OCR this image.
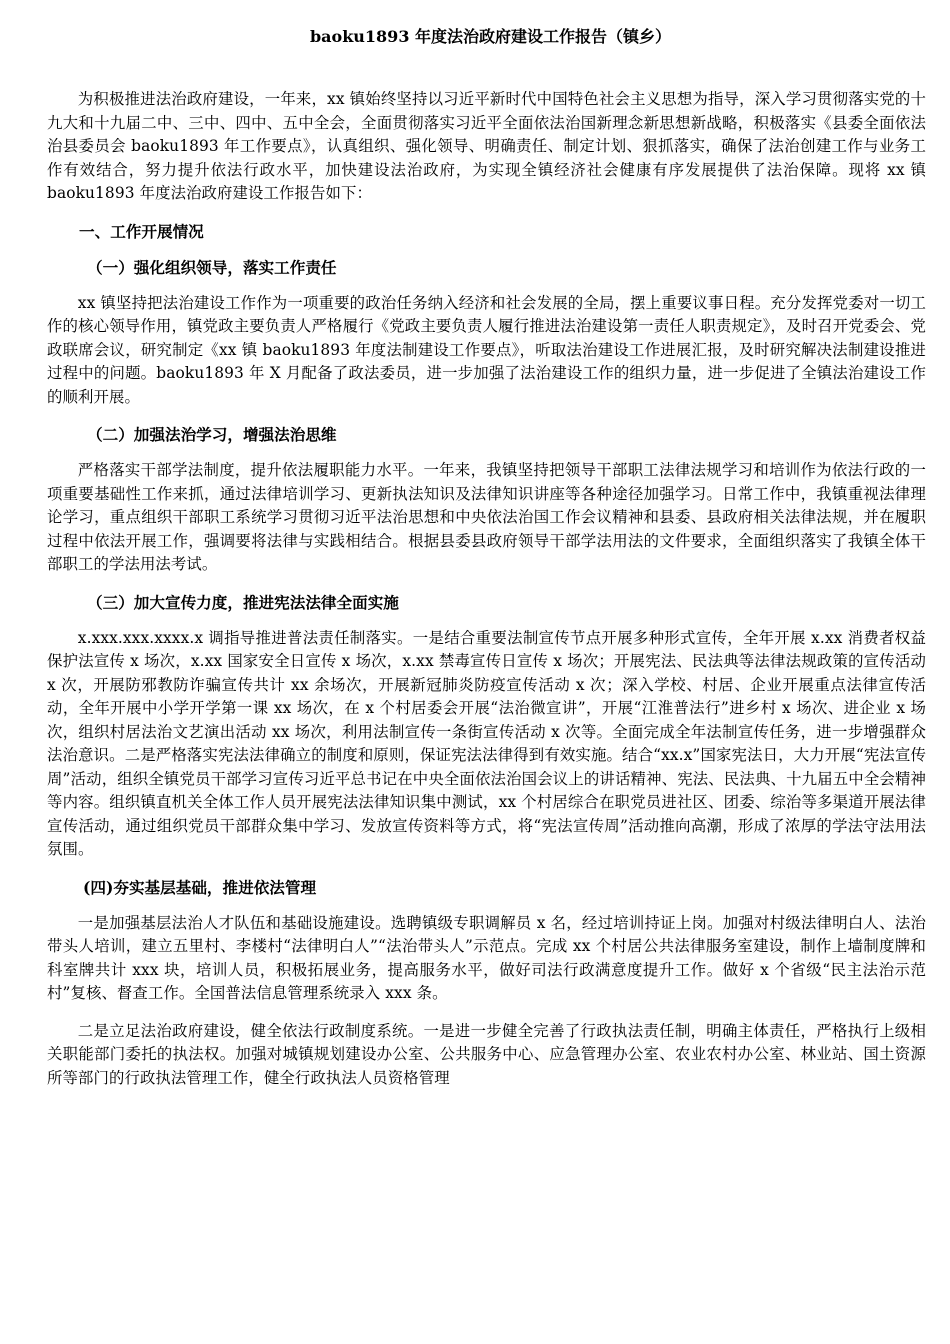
baoku1893 年度法治政府建设工作报告（镇乡）

为积极推进法治政府建设，一年来，xx 镇始终坚持以习近平新时代中国特色社会主义思想为指导，深入学习贯彻落实党的十九大和十九届二中、三中、四中、五中全会，全面贯彻落实习近平全面依法治国新理念新思想新战略，积极落实《县委全面依法治县委员会 baoku1893 年工作要点》，认真组织、强化领导、明确责任、制定计划、狠抓落实，确保了法治创建工作与业务工作有效结合，努力提升依法行政水平，加快建设法治政府，为实现全镇经济社会健康有序发展提供了法治保障。现将 xx 镇 baoku1893 年度法治政府建设工作报告如下：

一、工作开展情况
（一）强化组织领导，落实工作责任

xx 镇坚持把法治建设工作作为一项重要的政治任务纳入经济和社会发展的全局，摆上重要议事日程。充分发挥党委对一切工作的核心领导作用，镇党政主要负责人严格履行《党政主要负责人履行推进法治建设第一责任人职责规定》，及时召开党委会、党政联席会议，研究制定《xx 镇 baoku1893 年度法制建设工作要点》，听取法治建设工作进展汇报，及时研究解决法制建设推进过程中的问题。baoku1893 年 X 月配备了政法委员，进一步加强了法治建设工作的组织力量，进一步促进了全镇法治建设工作的顺利开展。

（二）加强法治学习，增强法治思维

严格落实干部学法制度，提升依法履职能力水平。一年来，我镇坚持把领导干部职工法律法规学习和培训作为依法行政的一项重要基础性工作来抓，通过法律培训学习、更新执法知识及法律知识讲座等各种途径加强学习。日常工作中，我镇重视法律理论学习，重点组织干部职工系统学习贯彻习近平法治思想和中央依法治国工作会议精神和县委、县政府相关法律法规，并在履职过程中依法开展工作，强调要将法律与实践相结合。根据县委县政府领导干部学法用法的文件要求，全面组织落实了我镇全体干部职工的学法用法考试。

（三）加大宣传力度，推进宪法法律全面实施

x.xxx.xxx.xxxx.x 调指导推进普法责任制落实。一是结合重要法制宣传节点开展多种形式宣传，全年开展 x.xx 消费者权益保护法宣传 x 场次，x.xx 国家安全日宣传 x 场次，x.xx 禁毒宣传日宣传 x 场次；开展宪法、民法典等法律法规政策的宣传活动 x 次，开展防邪教防诈骗宣传共计 xx 余场次，开展新冠肺炎防疫宣传活动 x 次；深入学校、村居、企业开展重点法律宣传活动，全年开展中小学开学第一课 xx 场次，在 x 个村居委会开展“法治微宣讲”，开展“江淮普法行”进乡村 x 场次、进企业 x 场次，组织村居法治文艺演出活动 xx 场次，利用法制宣传一条街宣传活动 x 次等。全面完成全年法制宣传任务，进一步增强群众法治意识。二是严格落实宪法法律确立的制度和原则，保证宪法法律得到有效实施。结合“xx.x”国家宪法日，大力开展“宪法宣传周”活动，组织全镇党员干部学习宣传习近平总书记在中央全面依法治国会议上的讲话精神、宪法、民法典、十九届五中全会精神等内容。组织镇直机关全体工作人员开展宪法法律知识集中测试，xx 个村居综合在职党员进社区、团委、综治等多渠道开展法律宣传活动，通过组织党员干部群众集中学习、发放宣传资料等方式，将“宪法宣传周”活动推向高潮，形成了浓厚的学法守法用法氛围。

(四)夯实基层基础，推进依法管理

一是加强基层法治人才队伍和基础设施建设。选聘镇级专职调解员 x 名，经过培训持证上岗。加强对村级法律明白人、法治带头人培训，建立五里村、李楼村“法律明白人”“法治带头人”示范点。完成 xx 个村居公共法律服务室建设，制作上墙制度牌和科室牌共计 xxx 块，培训人员，积极拓展业务，提高服务水平，做好司法行政满意度提升工作。做好 x 个省级“民主法治示范村”复核、督查工作。全国普法信息管理系统录入 xxx 条。

二是立足法治政府建设，健全依法行政制度系统。一是进一步健全完善了行政执法责任制，明确主体责任，严格执行上级相关职能部门委托的执法权。加强对城镇规划建设办公室、公共服务中心、应急管理办公室、农业农村办公室、林业站、国土资源所等部门的行政执法管理工作，健全行政执法人员资格管理
